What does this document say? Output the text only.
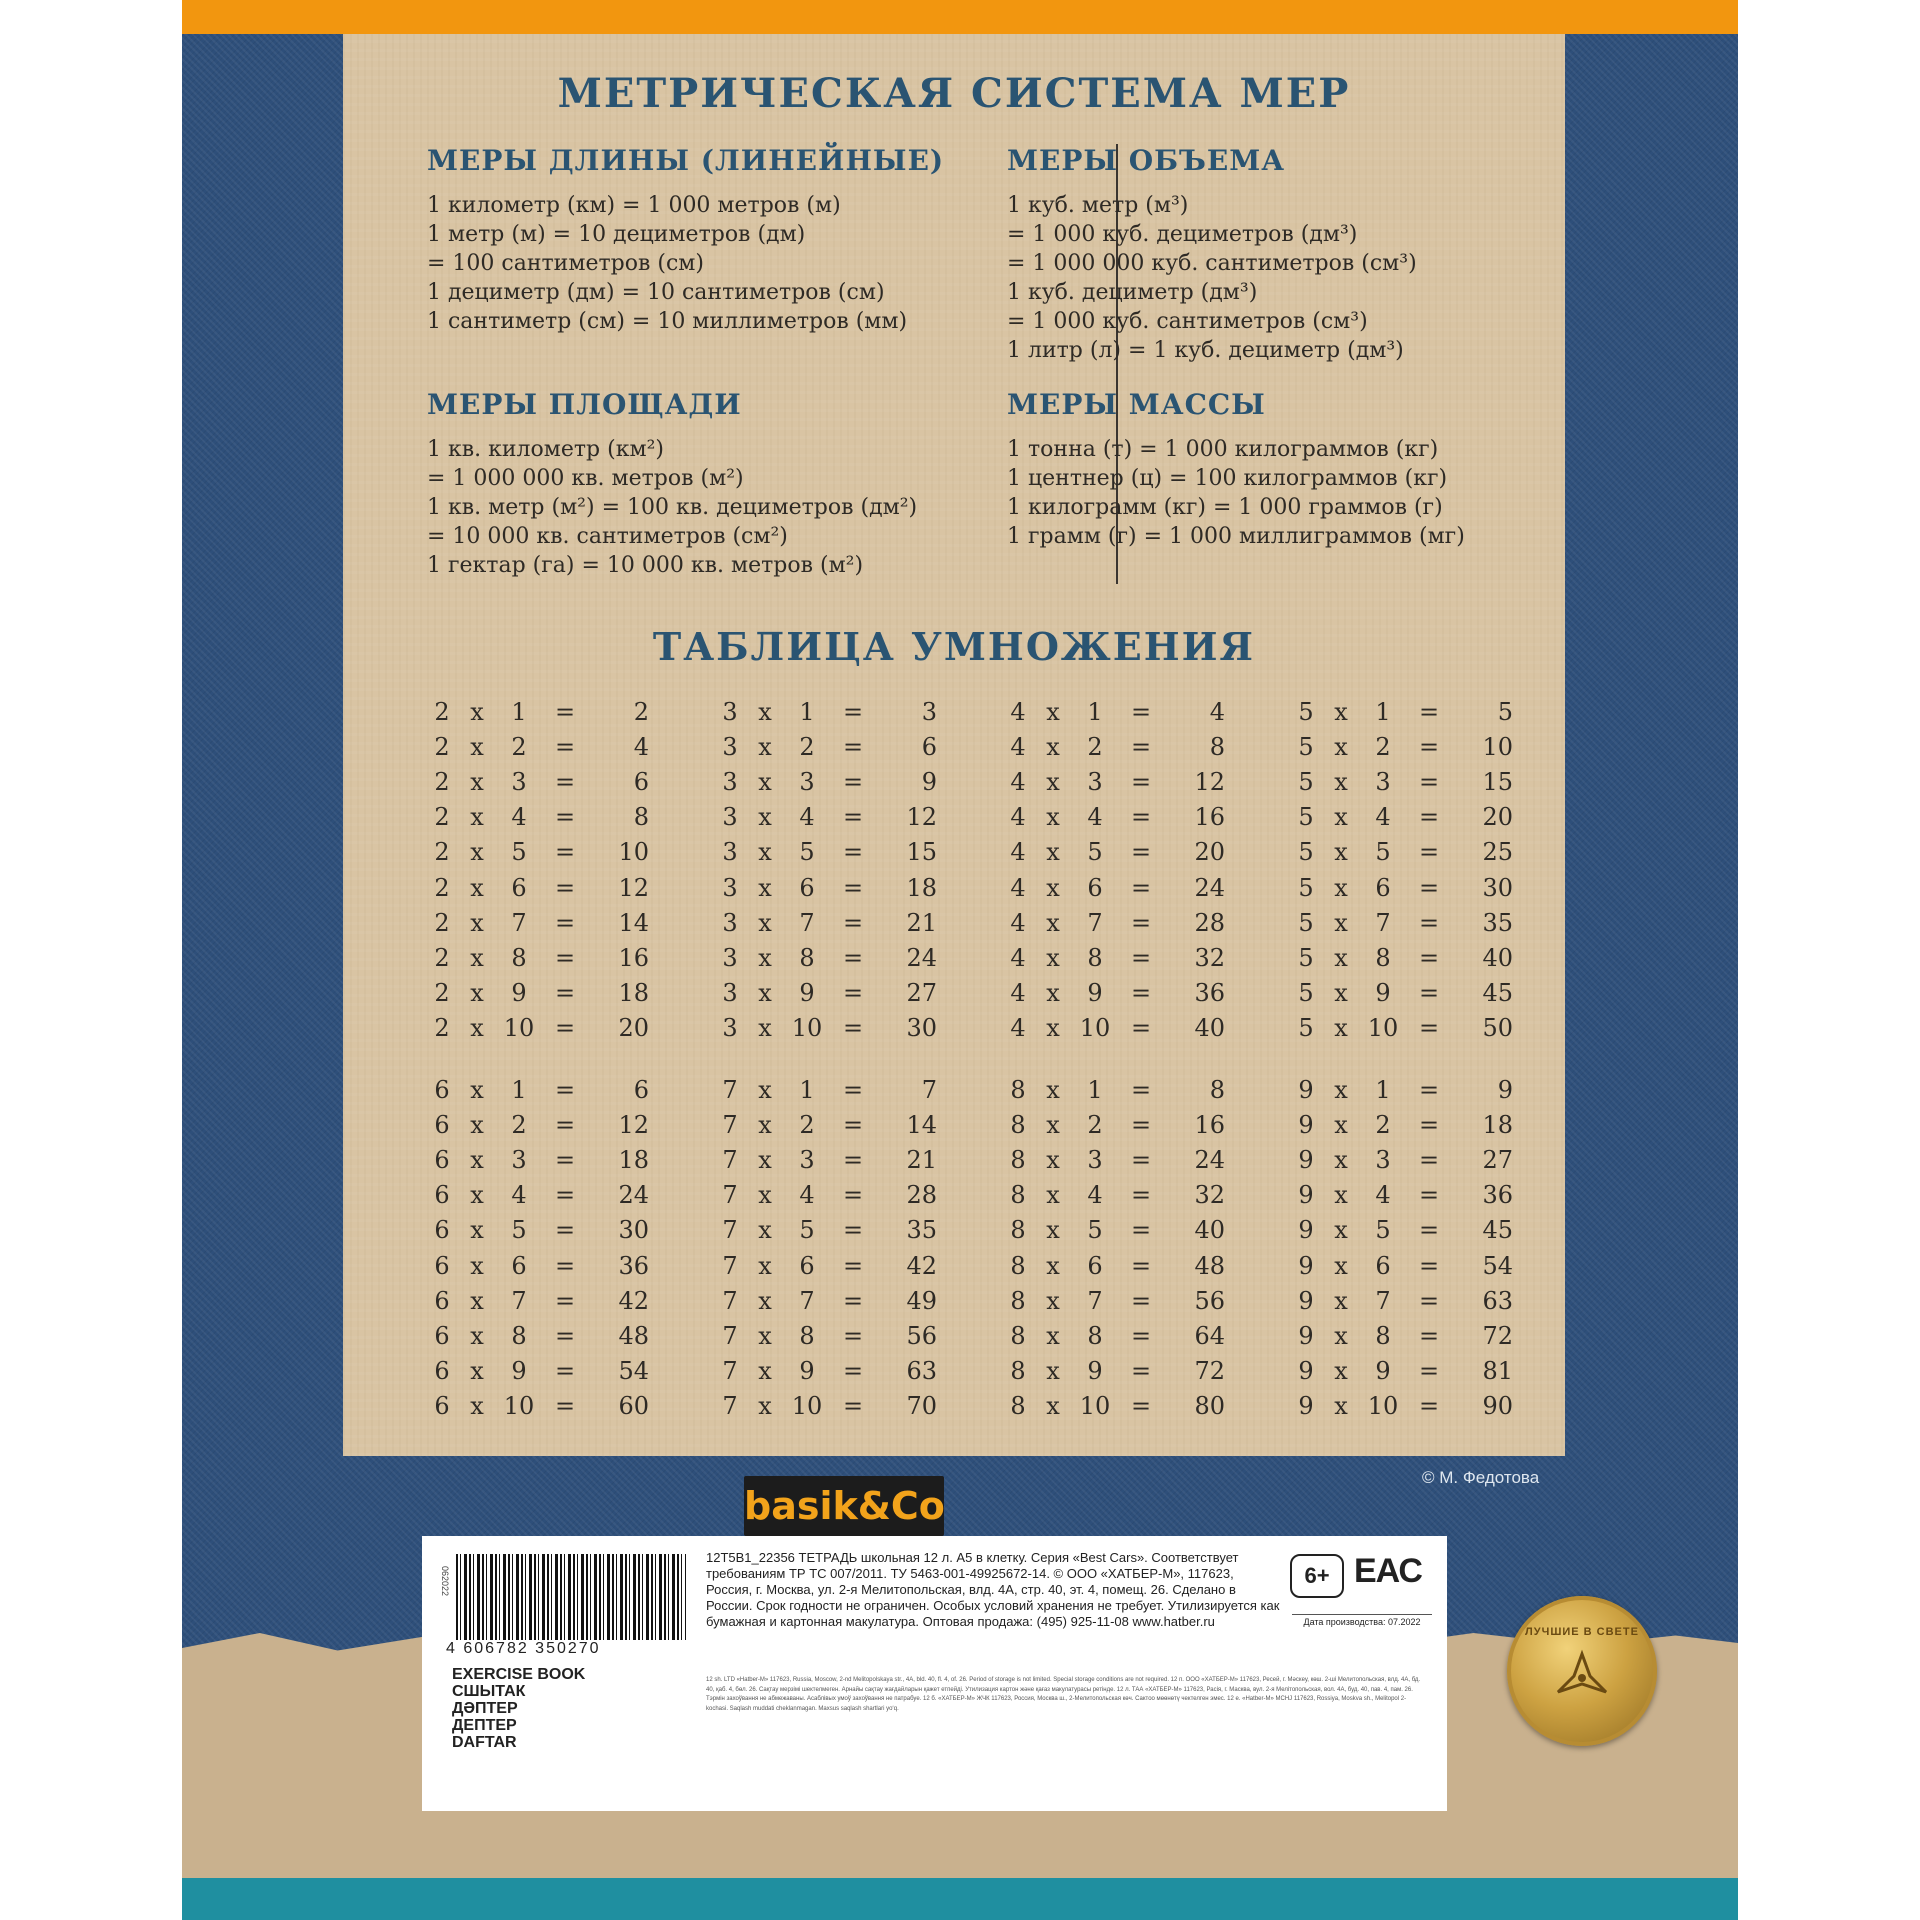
МЕТРИЧЕСКАЯ СИСТЕМА МЕР
МЕРЫ ДЛИНЫ (ЛИНЕЙНЫЕ)
1 километр (км) = 1 000 метров (м)
1 метр (м) = 10 дециметров (дм)
= 100 сантиметров (см)
1 дециметр (дм) = 10 сантиметров (см)
1 сантиметр (см) = 10 миллиметров (мм)
МЕРЫ ОБЪЕМА
1 куб. метр (м³)
= 1 000 куб. дециметров (дм³)
= 1 000 000 куб. сантиметров (см³)
1 куб. дециметр (дм³)
= 1 000 куб. сантиметров (см³)
1 литр (л) = 1 куб. дециметр (дм³)
МЕРЫ ПЛОЩАДИ
1 кв. километр (км²)
= 1 000 000 кв. метров (м²)
1 кв. метр (м²) = 100 кв. дециметров (дм²)
= 10 000 кв. сантиметров (см²)
1 гектар (га) = 10 000 кв. метров (м²)
МЕРЫ МАССЫ
1 тонна (т) = 1 000 килограммов (кг)
1 центнер (ц) = 100 килограммов (кг)
1 килограмм (кг) = 1 000 граммов (г)
1 грамм (г) = 1 000 миллиграммов (мг)
ТАБЛИЦА УМНОЖЕНИЯ
2 x	1	=	2
2 x	2	=	4
2 x	3	=	6
2 x	4	=	8
2 x	5	=	10
2 x	6	=	12
2 x	7	=	14
2 x	8	=	16
2 x	9	=	18
2 x 10 =	20
3 x	1	=	3
3 x	2	=	6
3 x	3	=	9
3 x	4	=	12
3 x	5	=	15
3 x	6	=	18
3 x	7	=	21
3 x	8	=	24
3 x	9	=	27
3 x 10 =	30
4 x	1	=	4
4 x	2	=	8
4 x	3	=	12
4 x	4	=	16
4 x	5	=	20
4 x	6	=	24
4 x	7	=	28
4 x	8	=	32
4 x	9	=	36
4 x 10 =	40
5 x	1	=	5
5 x	2	=	10
5 x	3	=	15
5 x	4	=	20
5 x	5	=	25
5 x	6	=	30
5 x	7	=	35
5 x	8	=	40
5 x	9	=	45
5 x 10 =	50
6 x	1	=	6
6 x	2	=	12
6 x	3	=	18
6 x	4	=	24
6 x	5	=	30
6 x	6	=	36
6 x	7	=	42
6 x	8	=	48
6 x	9	=	54
6 x 10 =	60
7 x	1	=	7
7 x	2	=	14
7 x	3	=	21
7 x	4	=	28
7 x	5	=	35
7 x	6	=	42
7 x	7	=	49
7 x	8	=	56
7 x	9	=	63
7 x 10 =	70
8 x	1	=	8
8 x	2	=	16
8 x	3	=	24
8 x	4	=	32
8 x	5	=	40
8 x	6	=	48
8 x	7	=	56
8 x	8	=	64
8 x	9	=	72
8 x 10 =	80
9 x	1	=	9
9 x	2	=	18
9 x	3	=	27
9 x	4	=	36
9 x	5	=	45
9 x	6	=	54
9 x	7	=	63
9 x	8	=	72
9 x	9	=	81
9 x 10 =	90
© М. Федотова
basik&Co
062022
4 606782 350270
EXERCISE BOOK
СШЫТАК
ДӘПТЕР
ДЕПТЕР
DAFTAR
12Т5В1_22356 ТЕТРАДЬ школьная 12 л. А5 в клетку. Серия «Best Cars». Соответствует требованиям ТР ТС 007/2011. ТУ 5463-001-49925672-14. © ООО «ХАТБЕР-М», 117623, Россия, г. Москва, ул. 2-я Мелитопольская, влд. 4А, стр. 40, эт. 4, помещ. 26. Сделано в России. Срок годности не ограничен. Особых условий хранения не требует. Утилизируется как бумажная и картонная макулатура. Оптовая продажа: (495) 925-11-08 www.hatber.ru
12 sh. LTD «Hatber-M» 117623, Russia, Moscow, 2-nd Melitopolskaya str., 4A, bld. 40, fl. 4, of. 26. Period of storage is not limited. Special storage conditions are not required. 12 п. ООО «ХАТБЕР-М» 117623, Ресей, г. Мәскеу, көш. 2-ші Мелитопольская, влд. 4А, бд. 40, қаб. 4, бөл. 26. Сақтау мерзімі шектелмеген. Арнайы сақтау жағдайларын қажет етпейді. Утилизация картон және қағаз макулатурасы ретінде. 12 л. ТАА «ХАТБЕР-М» 117623, Расія, г. Масква, вул. 2-я Мелітопольская, вол. 4А, буд. 40, пав. 4, пам. 26. Тэрмін захоўвання не абмежаваны. Асаблівых умоў захоўвання не патрабуе. 12 б. «ХАТБЕР-М» ЖЧК 117623, Россия, Москва ш., 2-Мелитопольская көч. Сактоо мөөнөтү чектелген эмес. 12 e. «Hatber-M» MCHJ 117623, Rossiya, Moskva sh., Melitopol 2-kochasi. Saqlash muddati cheklanmagan. Maxsus saqlash shartlari yo‘q.
6+ ЕАС
Дата производства: 07.2022
ЛУЧШИЕ В СВЕТЕ
